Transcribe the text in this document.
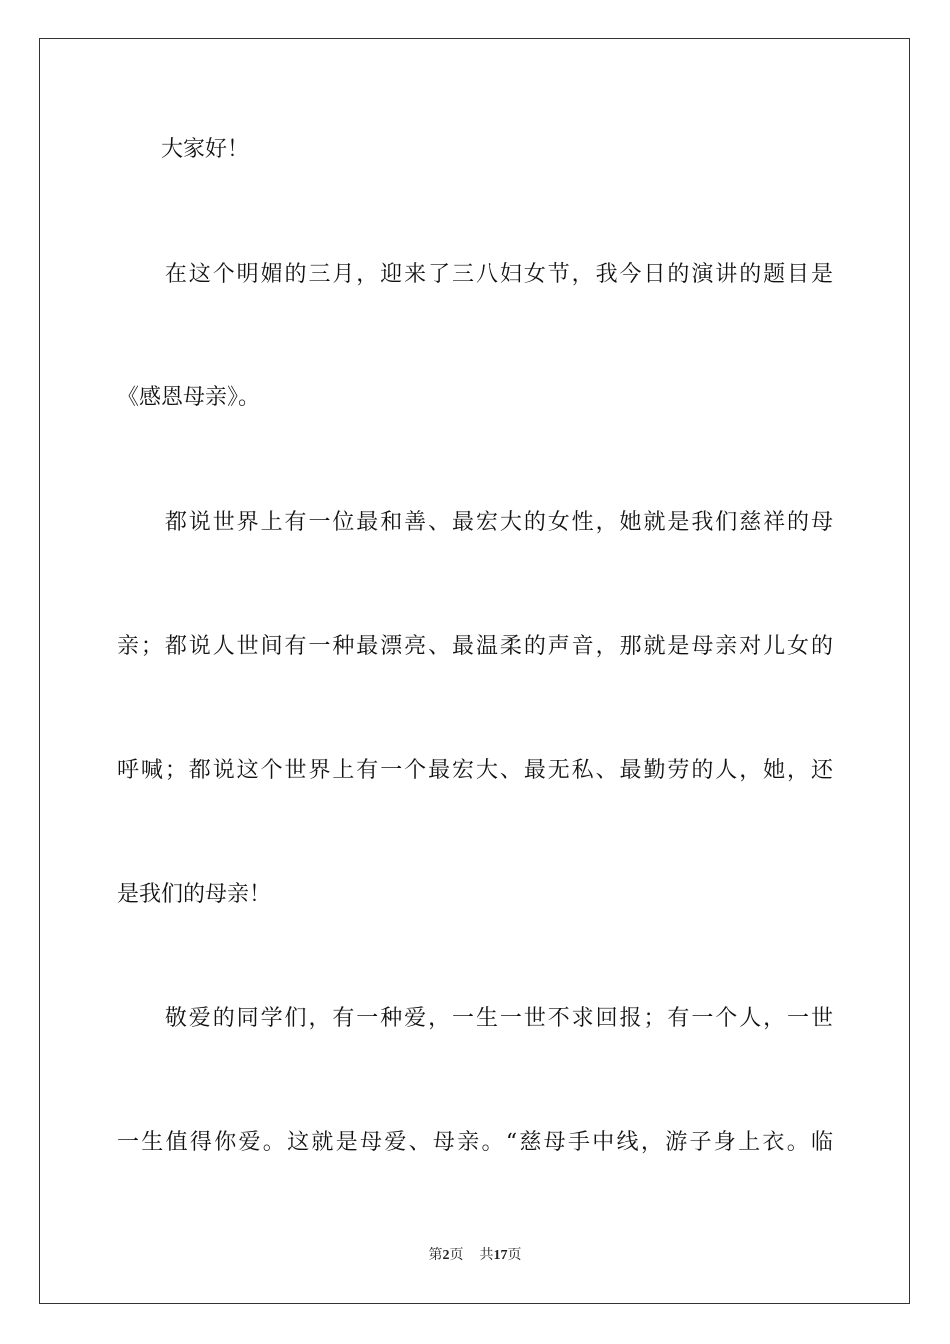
　　大家好！
　　在这个明媚的三月，迎来了三八妇女节，我今日的演讲的题目是
《感恩母亲》。
　　都说世界上有一位最和善、最宏大的女性，她就是我们慈祥的母
亲；都说人世间有一种最漂亮、最温柔的声音，那就是母亲对儿女的
呼喊；都说这个世界上有一个最宏大、最无私、最勤劳的人，她，还
是我们的母亲！
　　敬爱的同学们，有一种爱，一生一世不求回报；有一个人，一世
一生值得你爱。这就是母爱、母亲。“慈母手中线，游子身上衣。临
第2页 共17页
